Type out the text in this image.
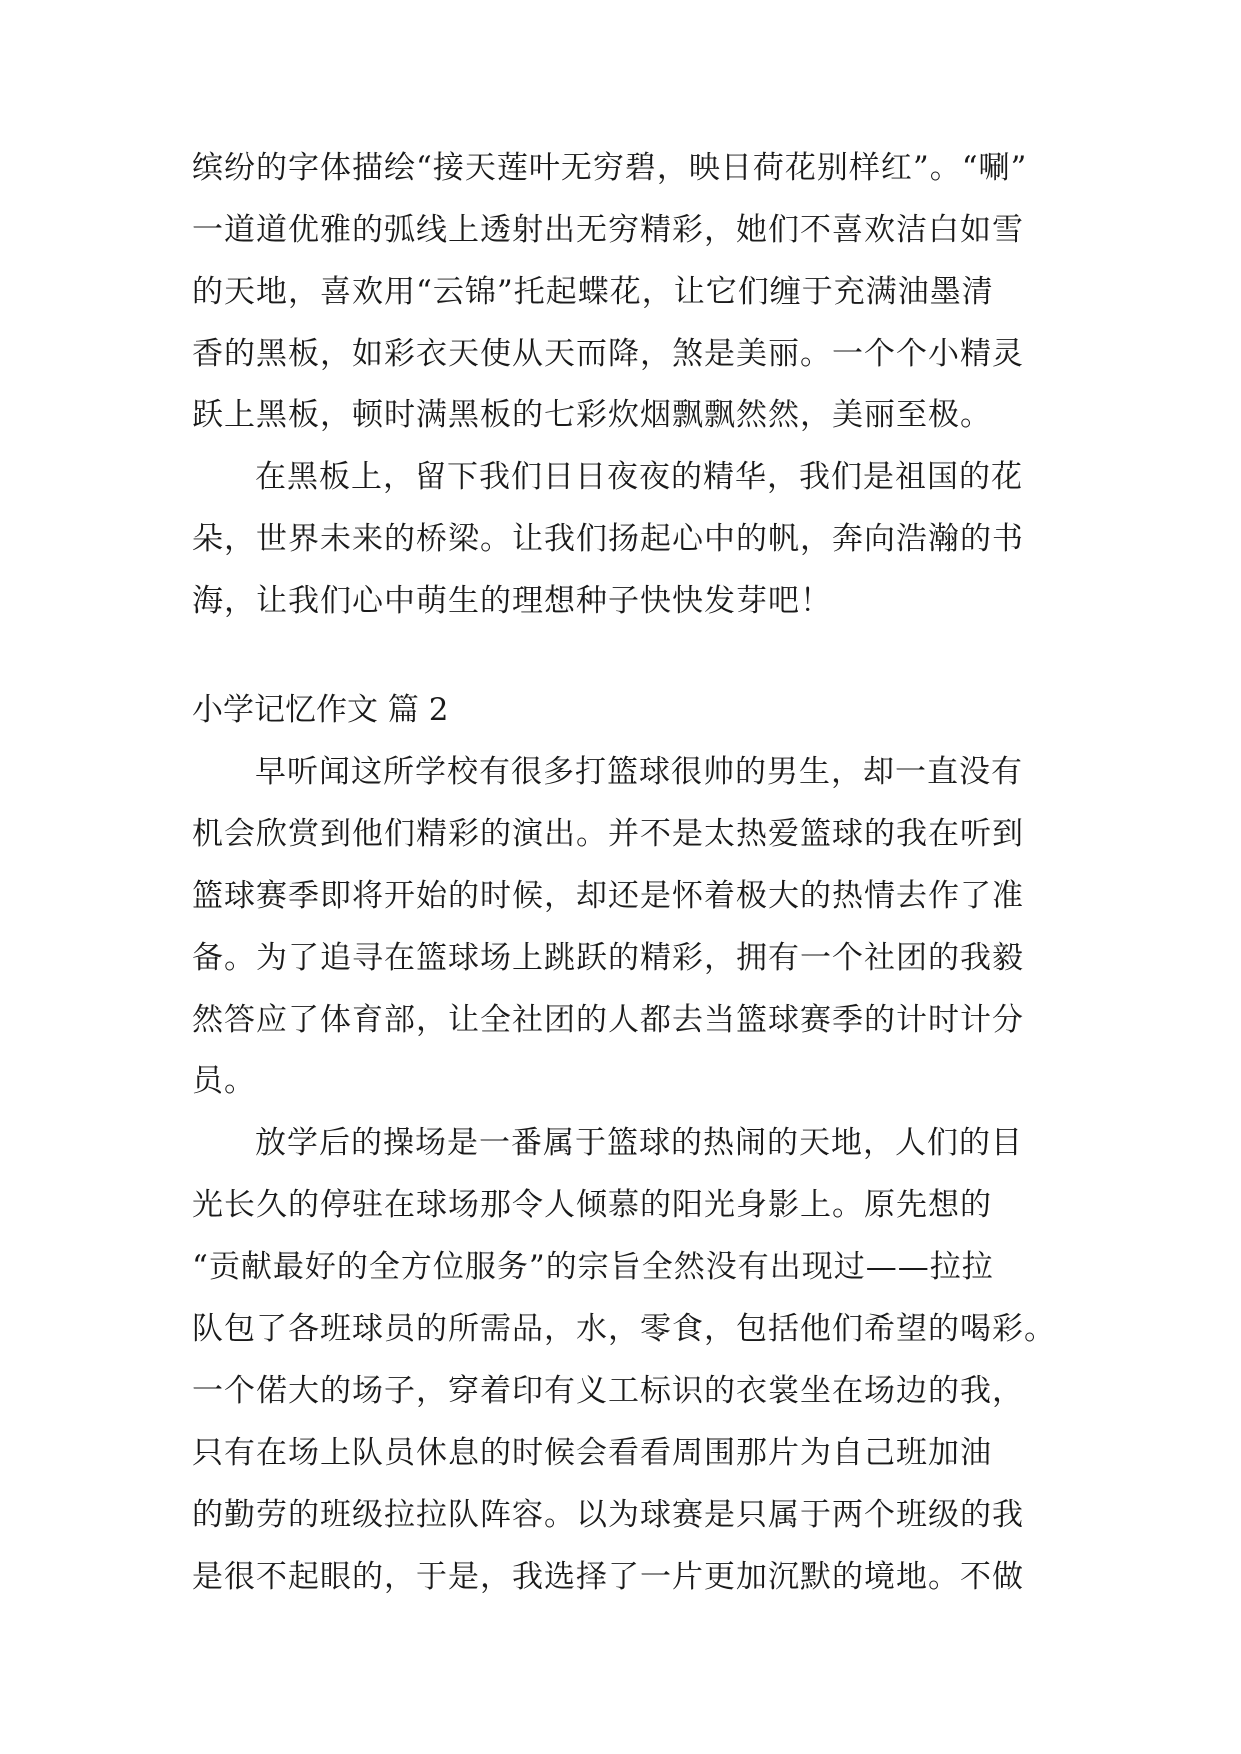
缤纷的字体描绘“接天莲叶无穷碧，映日荷花别样红”。“唰”
一道道优雅的弧线上透射出无穷精彩，她们不喜欢洁白如雪
的天地，喜欢用“云锦”托起蝶花，让它们缠于充满油墨清
香的黑板，如彩衣天使从天而降，煞是美丽。一个个小精灵
跃上黑板，顿时满黑板的七彩炊烟飘飘然然，美丽至极。
在黑板上，留下我们日日夜夜的精华，我们是祖国的花
朵，世界未来的桥梁。让我们扬起心中的帆，奔向浩瀚的书
海，让我们心中萌生的理想种子快快发芽吧！
小学记忆作文 篇 2
早听闻这所学校有很多打篮球很帅的男生，却一直没有
机会欣赏到他们精彩的演出。并不是太热爱篮球的我在听到
篮球赛季即将开始的时候，却还是怀着极大的热情去作了准
备。为了追寻在篮球场上跳跃的精彩，拥有一个社团的我毅
然答应了体育部，让全社团的人都去当篮球赛季的计时计分
员。
放学后的操场是一番属于篮球的热闹的天地，人们的目
光长久的停驻在球场那令人倾慕的阳光身影上。原先想的
“贡献最好的全方位服务”的宗旨全然没有出现过——拉拉
队包了各班球员的所需品，水，零食，包括他们希望的喝彩。
一个偌大的场子，穿着印有义工标识的衣裳坐在场边的我，
只有在场上队员休息的时候会看看周围那片为自己班加油
的勤劳的班级拉拉队阵容。以为球赛是只属于两个班级的我
是很不起眼的，于是，我选择了一片更加沉默的境地。不做
